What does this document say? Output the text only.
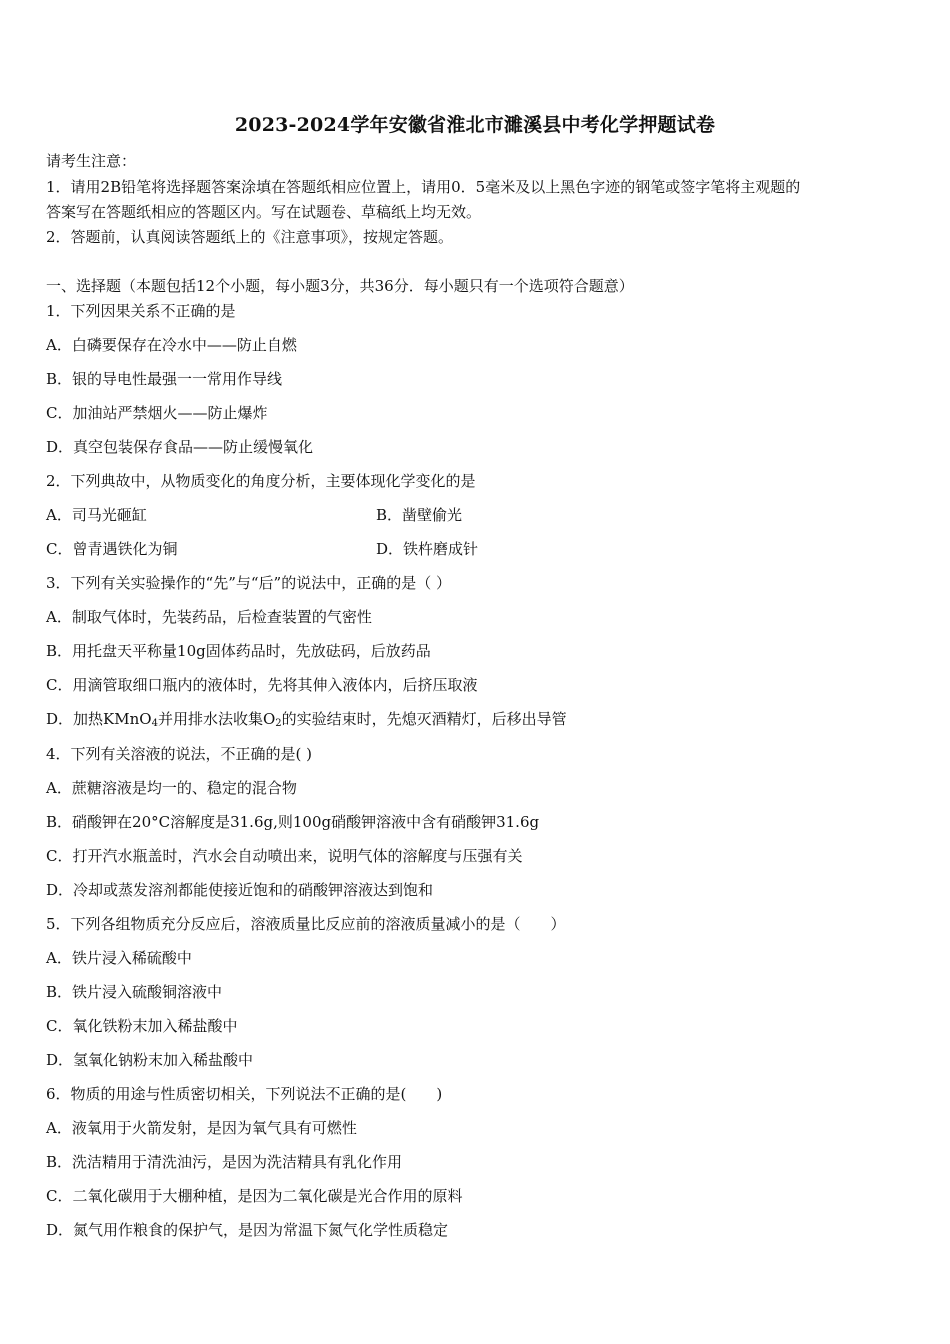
2023-2024学年安徽省淮北市濉溪县中考化学押题试卷
请考生注意：
1．请用2B铅笔将选择题答案涂填在答题纸相应位置上，请用0．5毫米及以上黑色字迹的钢笔或签字笔将主观题的
答案写在答题纸相应的答题区内。写在试题卷、草稿纸上均无效。
2．答题前，认真阅读答题纸上的《注意事项》，按规定答题。
一、选择题（本题包括12个小题，每小题3分，共36分．每小题只有一个选项符合题意）
1．下列因果关系不正确的是
A．白磷要保存在冷水中——防止自燃
B．银的导电性最强一一常用作导线
C．加油站严禁烟火——防止爆炸
D．真空包装保存食品——防止缓慢氧化
2．下列典故中，从物质变化的角度分析，主要体现化学变化的是
A．司马光砸缸	B．凿壁偷光
C．曾青遇铁化为铜	D．铁杵磨成针
3．下列有关实验操作的“先”与“后”的说法中，正确的是（ ）
A．制取气体时，先装药品，后检查装置的气密性
B．用托盘天平称量10g固体药品时，先放砝码，后放药品
C．用滴管取细口瓶内的液体时，先将其伸入液体内，后挤压取液
D．加热KMnO$_4$并用排水法收集$O_2$的实验结束时，先熄灭酒精灯，后移出导管
4．下列有关溶液的说法，不正确的是( )
A．蔗糖溶液是均一的、稳定的混合物
B．硝酸钾在20°C溶解度是31.6g,则100g硝酸钾溶液中含有硝酸钾31.6g
C．打开汽水瓶盖时，汽水会自动喷出来，说明气体的溶解度与压强有关
D．冷却或蒸发溶剂都能使接近饱和的硝酸钾溶液达到饱和
5．下列各组物质充分反应后，溶液质量比反应前的溶液质量减小的是（　　）
A．铁片浸入稀硫酸中
B．铁片浸入硫酸铜溶液中
C．氧化铁粉末加入稀盐酸中
D．氢氧化钠粉末加入稀盐酸中
6．物质的用途与性质密切相关，下列说法不正确的是(　　)
A．液氧用于火箭发射，是因为氧气具有可燃性
B．洗洁精用于清洗油污，是因为洗洁精具有乳化作用
C．二氧化碳用于大棚种植，是因为二氧化碳是光合作用的原料
D．氮气用作粮食的保护气，是因为常温下氮气化学性质稳定
